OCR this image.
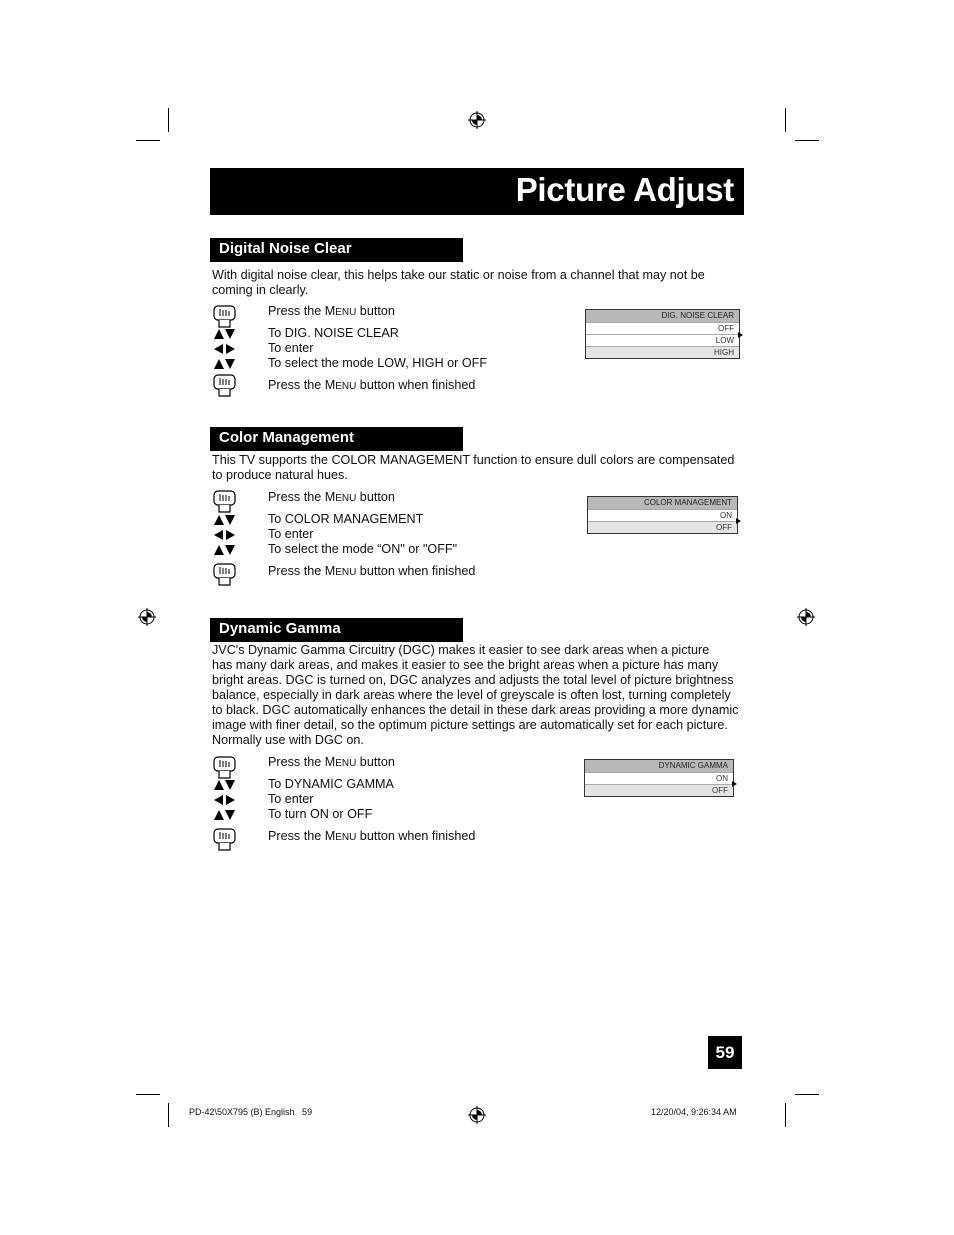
Picture Adjust
Digital Noise Clear
With digital noise clear, this helps take our static or noise from a channel that may not be coming in clearly.
Press the MENU button
To DIG. NOISE CLEAR
To enter
To select the mode LOW, HIGH or OFF
Press the MENU button when finished
DIG. NOISE CLEAR
OFF
LOW
HIGH
Color Management
This TV supports the COLOR MANAGEMENT function to ensure dull colors are compensated to produce natural hues.
Press the MENU button
To COLOR MANAGEMENT
To enter
To select the mode “ON" or "OFF"
Press the MENU button when finished
COLOR MANAGEMENT
ON
OFF
Dynamic Gamma
JVC's Dynamic Gamma Circuitry (DGC) makes it easier to see dark areas when a picture
has many dark areas, and makes it easier to see the bright areas when a picture has many
bright areas. DGC is turned on, DGC analyzes and adjusts the total level of picture brightness
balance, especially in dark areas where the level of greyscale is often lost, turning completely
to black. DGC automatically enhances the detail in these dark areas providing a more dynamic
image with finer detail, so the optimum picture settings are automatically set for each picture.
Normally use with DGC on.
Press the MENU button
To DYNAMIC GAMMA
To enter
To turn ON or OFF
Press the MENU button when finished
DYNAMIC GAMMA
ON
OFF
59
PD-42\50X795 (B) English   59	12/20/04, 9:26:34 AM
